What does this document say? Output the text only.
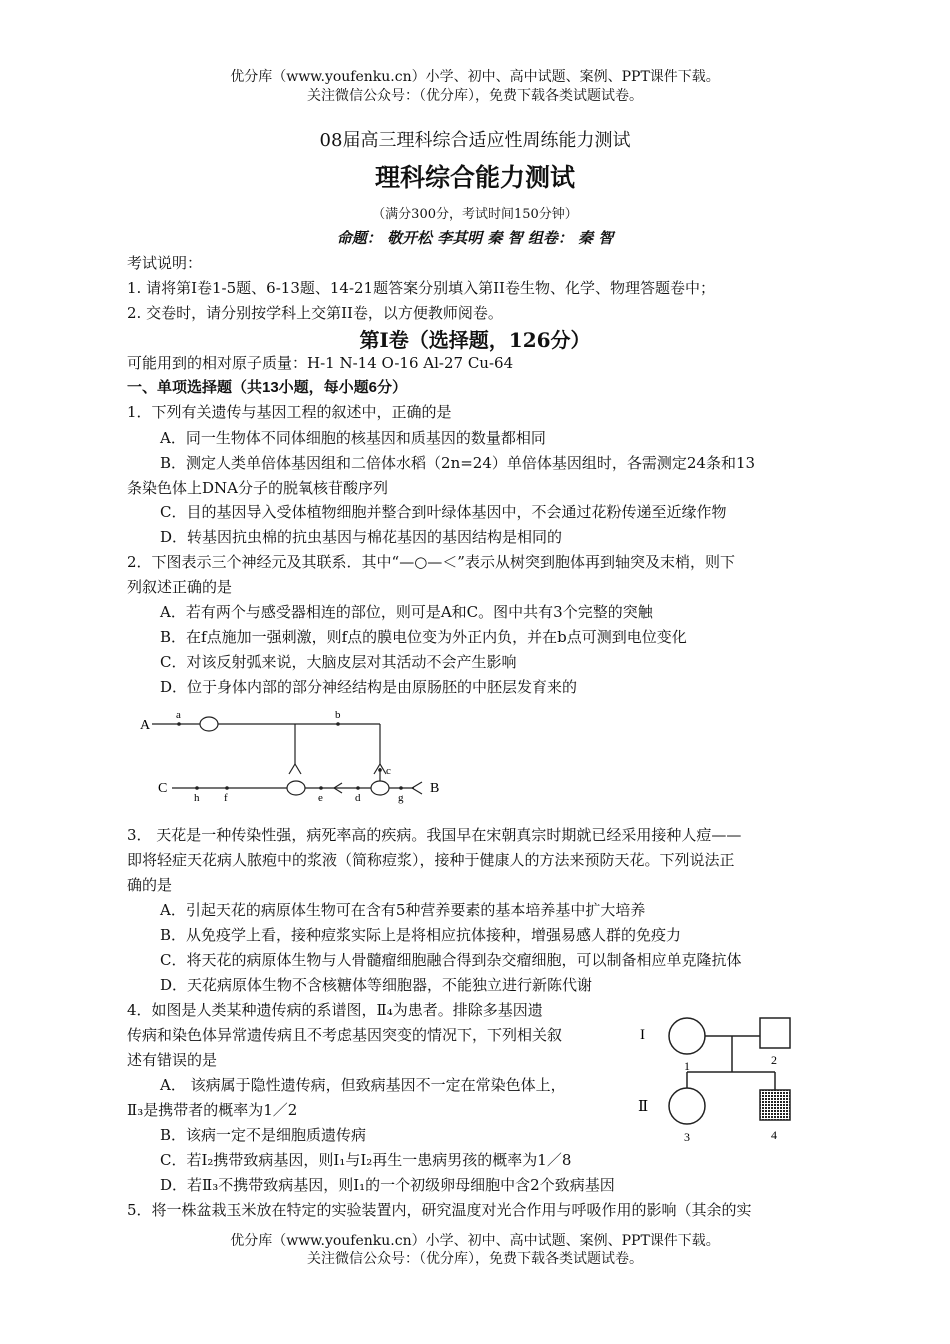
优分库（www.youfenku.cn）小学、初中、高中试题、案例、PPT课件下载。
关注微信公众号：（优分库），免费下载各类试题试卷。
08届高三理科综合适应性周练能力测试
理科综合能力测试
（满分300分，考试时间150分钟）
命题： 敬开松 李其明 秦 智 组卷： 秦 智
考试说明：
1. 请将第I卷1-5题、6-13题、14-21题答案分别填入第II卷生物、化学、物理答题卷中；
2. 交卷时，请分别按学科上交第II卷，以方便教师阅卷。
第I卷（选择题，126分）
可能用到的相对原子质量：H-1 N-14 O-16 Al-27 Cu-64
一、单项选择题（共13小题，每小题6分）
1．下列有关遗传与基因工程的叙述中，正确的是
A．同一生物体不同体细胞的核基因和质基因的数量都相同
B．测定人类单倍体基因组和二倍体水稻（2n=24）单倍体基因组时，各需测定24条和13
条染色体上DNA分子的脱氧核苷酸序列
C．目的基因导入受体植物细胞并整合到叶绿体基因中，不会通过花粉传递至近缘作物
D．转基因抗虫棉的抗虫基因与棉花基因的基因结构是相同的
2．下图表示三个神经元及其联系．其中“—○—＜”表示从树突到胞体再到轴突及末梢，则下
列叙述正确的是
A．若有两个与感受器相连的部位，则可是A和C。图中共有3个完整的突触
B．在f点施加一强刺激，则f点的膜电位变为外正内负，并在b点可测到电位变化
C．对该反射弧来说，大脑皮层对其活动不会产生影响
D．位于身体内部的部分神经结构是由原肠胚的中胚层发育来的
A
C	B
a	b
c
h f	e	d	g
3． 天花是一种传染性强，病死率高的疾病。我国早在宋朝真宗时期就已经采用接种人痘——
即将轻症天花病人脓疱中的浆液（简称痘浆），接种于健康人的方法来预防天花。下列说法正
确的是
A．引起天花的病原体生物可在含有5种营养要素的基本培养基中扩大培养
B．从免疫学上看，接种痘浆实际上是将相应抗体接种，增强易感人群的免疫力
C．将天花的病原体生物与人骨髓瘤细胞融合得到杂交瘤细胞，可以制备相应单克隆抗体
D．天花病原体生物不含核糖体等细胞器，不能独立进行新陈代谢
4．如图是人类某种遗传病的系谱图，Ⅱ₄为患者。排除多基因遗
传病和染色体异常遗传病且不考虑基因突变的情况下，下列相关叙
述有错误的是
A． 该病属于隐性遗传病，但致病基因不一定在常染色体上，
Ⅱ₃是携带者的概率为1／2
B．该病一定不是细胞质遗传病
C．若I₂携带致病基因，则I₁与I₂再生一患病男孩的概率为1／8
D．若Ⅱ₃不携带致病基因，则I₁的一个初级卵母细胞中含2个致病基因
I
Ⅱ
1	2
3	4
5．将一株盆栽玉米放在特定的实验装置内，研究温度对光合作用与呼吸作用的影响（其余的实
优分库（www.youfenku.cn）小学、初中、高中试题、案例、PPT课件下载。
关注微信公众号：（优分库），免费下载各类试题试卷。
